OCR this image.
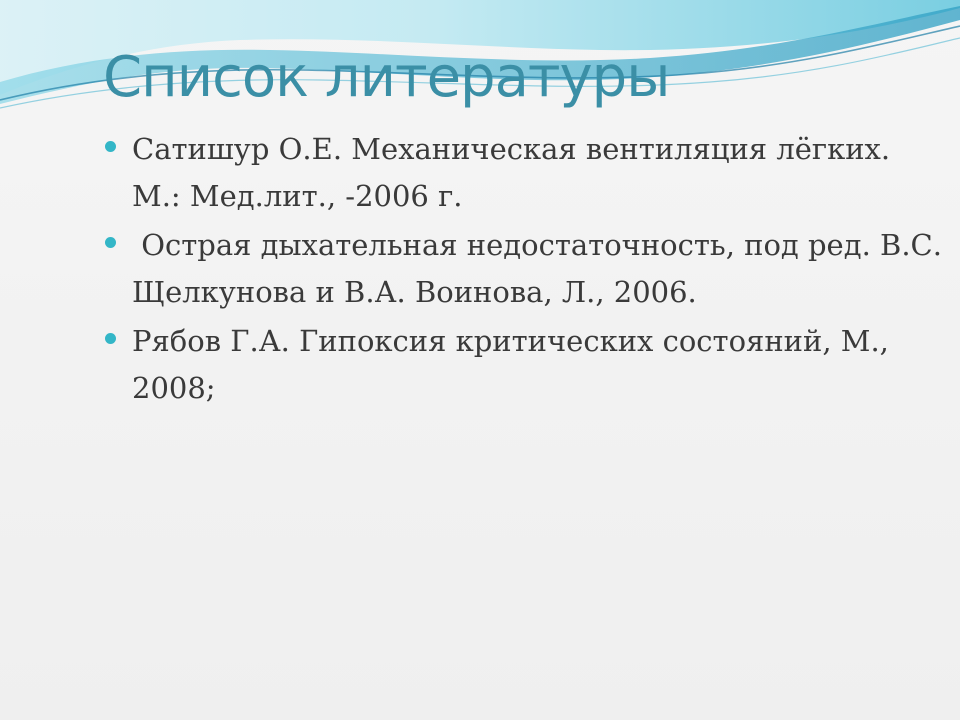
Список литературы
Сатишур О.Е. Механическая вентиляция лёгких. М.: Мед.лит., -2006 г.
Острая дыхательная недостаточность, под ред. В.С. Щелкунова и В.А. Воинова, Л., 2006.
Рябов Г.А. Гипоксия критических состояний, М., 2008;
